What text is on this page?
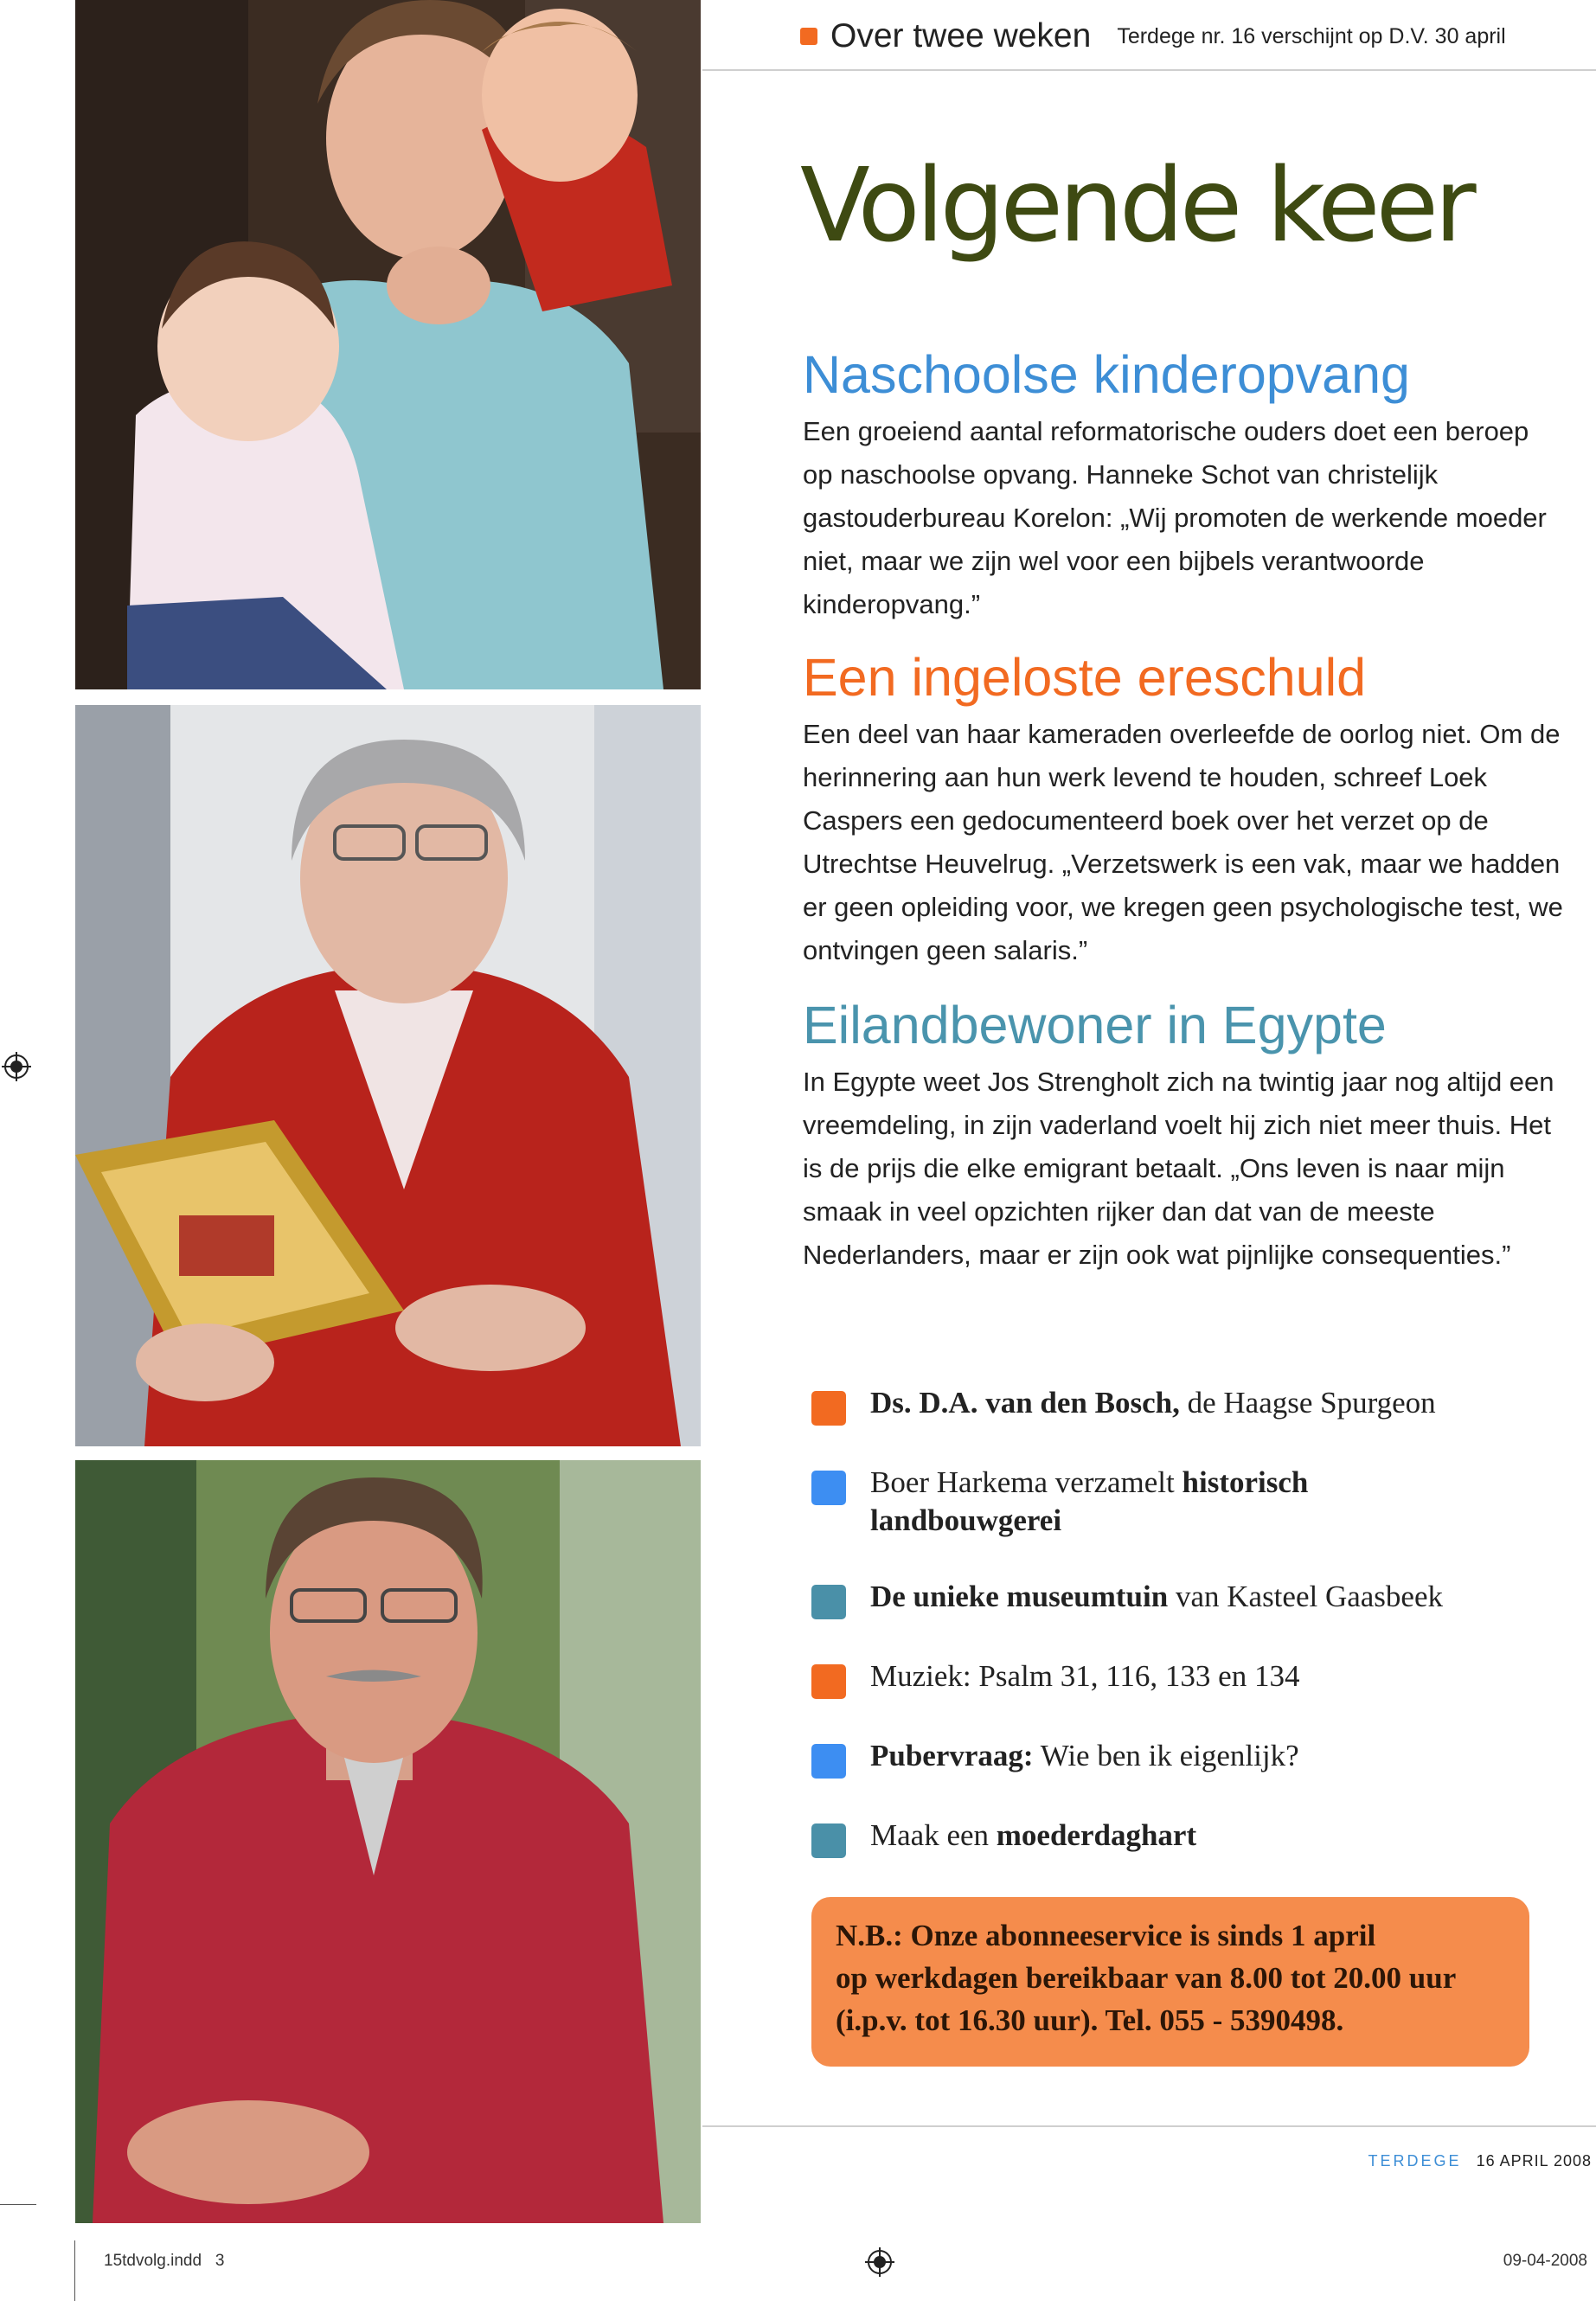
Over twee weken Terdege nr. 16 verschijnt op D.V. 30 april
Volgende keer
Naschoolse kinderopvang

Een groeiend aantal reformatorische ouders doet een beroep op naschoolse opvang. Hanneke Schot van christelijk gastouderbureau Korelon: „Wij promoten de werkende moeder niet, maar we zijn wel voor een bijbels verantwoorde kinderopvang.”

Een ingeloste ereschuld

Een deel van haar kameraden overleefde de oorlog niet. Om de herinnering aan hun werk levend te houden, schreef Loek Caspers een gedocumenteerd boek over het verzet op de Utrechtse Heuvelrug. „Verzetswerk is een vak, maar we hadden er geen opleiding voor, we kregen geen psychologische test, we ontvingen geen salaris.”

Eilandbewoner in Egypte

In Egypte weet Jos Strengholt zich na twintig jaar nog altijd een vreemdeling, in zijn vaderland voelt hij zich niet meer thuis. Het is de prijs die elke emigrant betaalt. „Ons leven is naar mijn smaak in veel opzichten rijker dan dat van de meeste Nederlanders, maar er zijn ook wat pijnlijke consequenties.”

Ds. D.A. van den Bosch, de Haagse Spurgeon
Boer Harkema verzamelt historisch landbouwgerei
De unieke museumtuin van Kasteel Gaasbeek
Muziek: Psalm 31, 116, 133 en 134
Pubervraag: Wie ben ik eigenlijk?
Maak een moederdaghart

N.B.: Onze abonneeservice is sinds 1 april

op werkdagen bereikbaar van 8.00 tot 20.00 uur

(i.p.v. tot 16.30 uur). Tel. 055 - 5390498.

TERDEGE 16 APRIL 2008
15tdvolg.indd   3	09-04-2008
